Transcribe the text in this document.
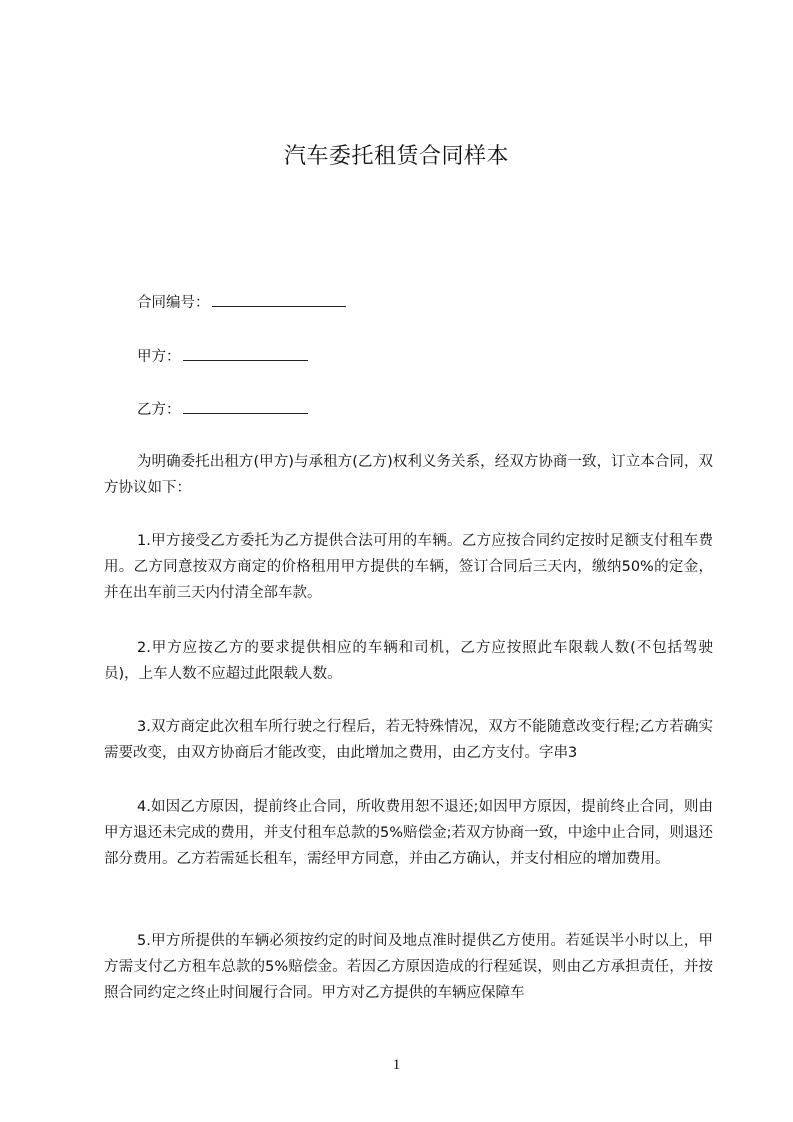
汽车委托租赁合同样本
合同编号：
甲方：
乙方：
为明确委托出租方(甲方)与承租方(乙方)权利义务关系，经双方协商一致，订立本合同，双方协议如下：
1.甲方接受乙方委托为乙方提供合法可用的车辆。乙方应按合同约定按时足额支付租车费用。乙方同意按双方商定的价格租用甲方提供的车辆，签订合同后三天内，缴纳50%的定金，并在出车前三天内付清全部车款。
2.甲方应按乙方的要求提供相应的车辆和司机，乙方应按照此车限载人数(不包括驾驶员)，上车人数不应超过此限载人数。
3.双方商定此次租车所行驶之行程后，若无特殊情况，双方不能随意改变行程;乙方若确实需要改变，由双方协商后才能改变，由此增加之费用，由乙方支付。字串3
4.如因乙方原因，提前终止合同，所收费用恕不退还;如因甲方原因，提前终止合同，则由甲方退还未完成的费用，并支付租车总款的5%赔偿金;若双方协商一致，中途中止合同，则退还部分费用。乙方若需延长租车，需经甲方同意，并由乙方确认，并支付相应的增加费用。
5.甲方所提供的车辆必须按约定的时间及地点准时提供乙方使用。若延误半小时以上，甲方需支付乙方租车总款的5%赔偿金。若因乙方原因造成的行程延误，则由乙方承担责任，并按照合同约定之终止时间履行合同。甲方对乙方提供的车辆应保障车
1
